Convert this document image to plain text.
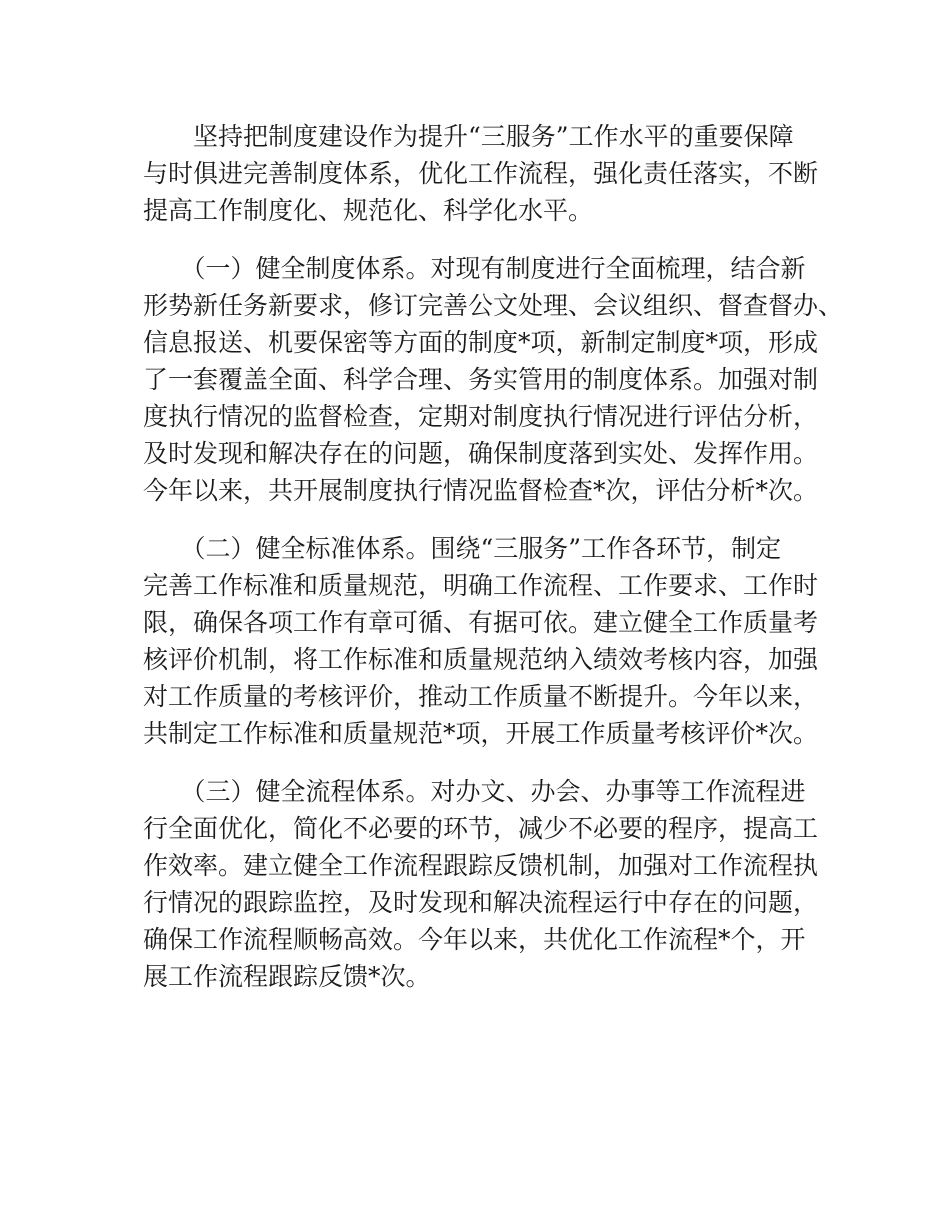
　　坚持把制度建设作为提升“三服务”工作水平的重要保障
与时俱进完善制度体系，优化工作流程，强化责任落实，不断
提高工作制度化、规范化、科学化水平。

　　（一）健全制度体系。对现有制度进行全面梳理，结合新
形势新任务新要求，修订完善公文处理、会议组织、督查督办、
信息报送、机要保密等方面的制度*项，新制定制度*项，形成
了一套覆盖全面、科学合理、务实管用的制度体系。加强对制
度执行情况的监督检查，定期对制度执行情况进行评估分析，
及时发现和解决存在的问题，确保制度落到实处、发挥作用。
今年以来，共开展制度执行情况监督检查*次，评估分析*次。

　　（二）健全标准体系。围绕“三服务”工作各环节，制定
完善工作标准和质量规范，明确工作流程、工作要求、工作时
限，确保各项工作有章可循、有据可依。建立健全工作质量考
核评价机制，将工作标准和质量规范纳入绩效考核内容，加强
对工作质量的考核评价，推动工作质量不断提升。今年以来，
共制定工作标准和质量规范*项，开展工作质量考核评价*次。

　　（三）健全流程体系。对办文、办会、办事等工作流程进
行全面优化，简化不必要的环节，减少不必要的程序，提高工
作效率。建立健全工作流程跟踪反馈机制，加强对工作流程执
行情况的跟踪监控，及时发现和解决流程运行中存在的问题，
确保工作流程顺畅高效。今年以来，共优化工作流程*个，开
展工作流程跟踪反馈*次。
